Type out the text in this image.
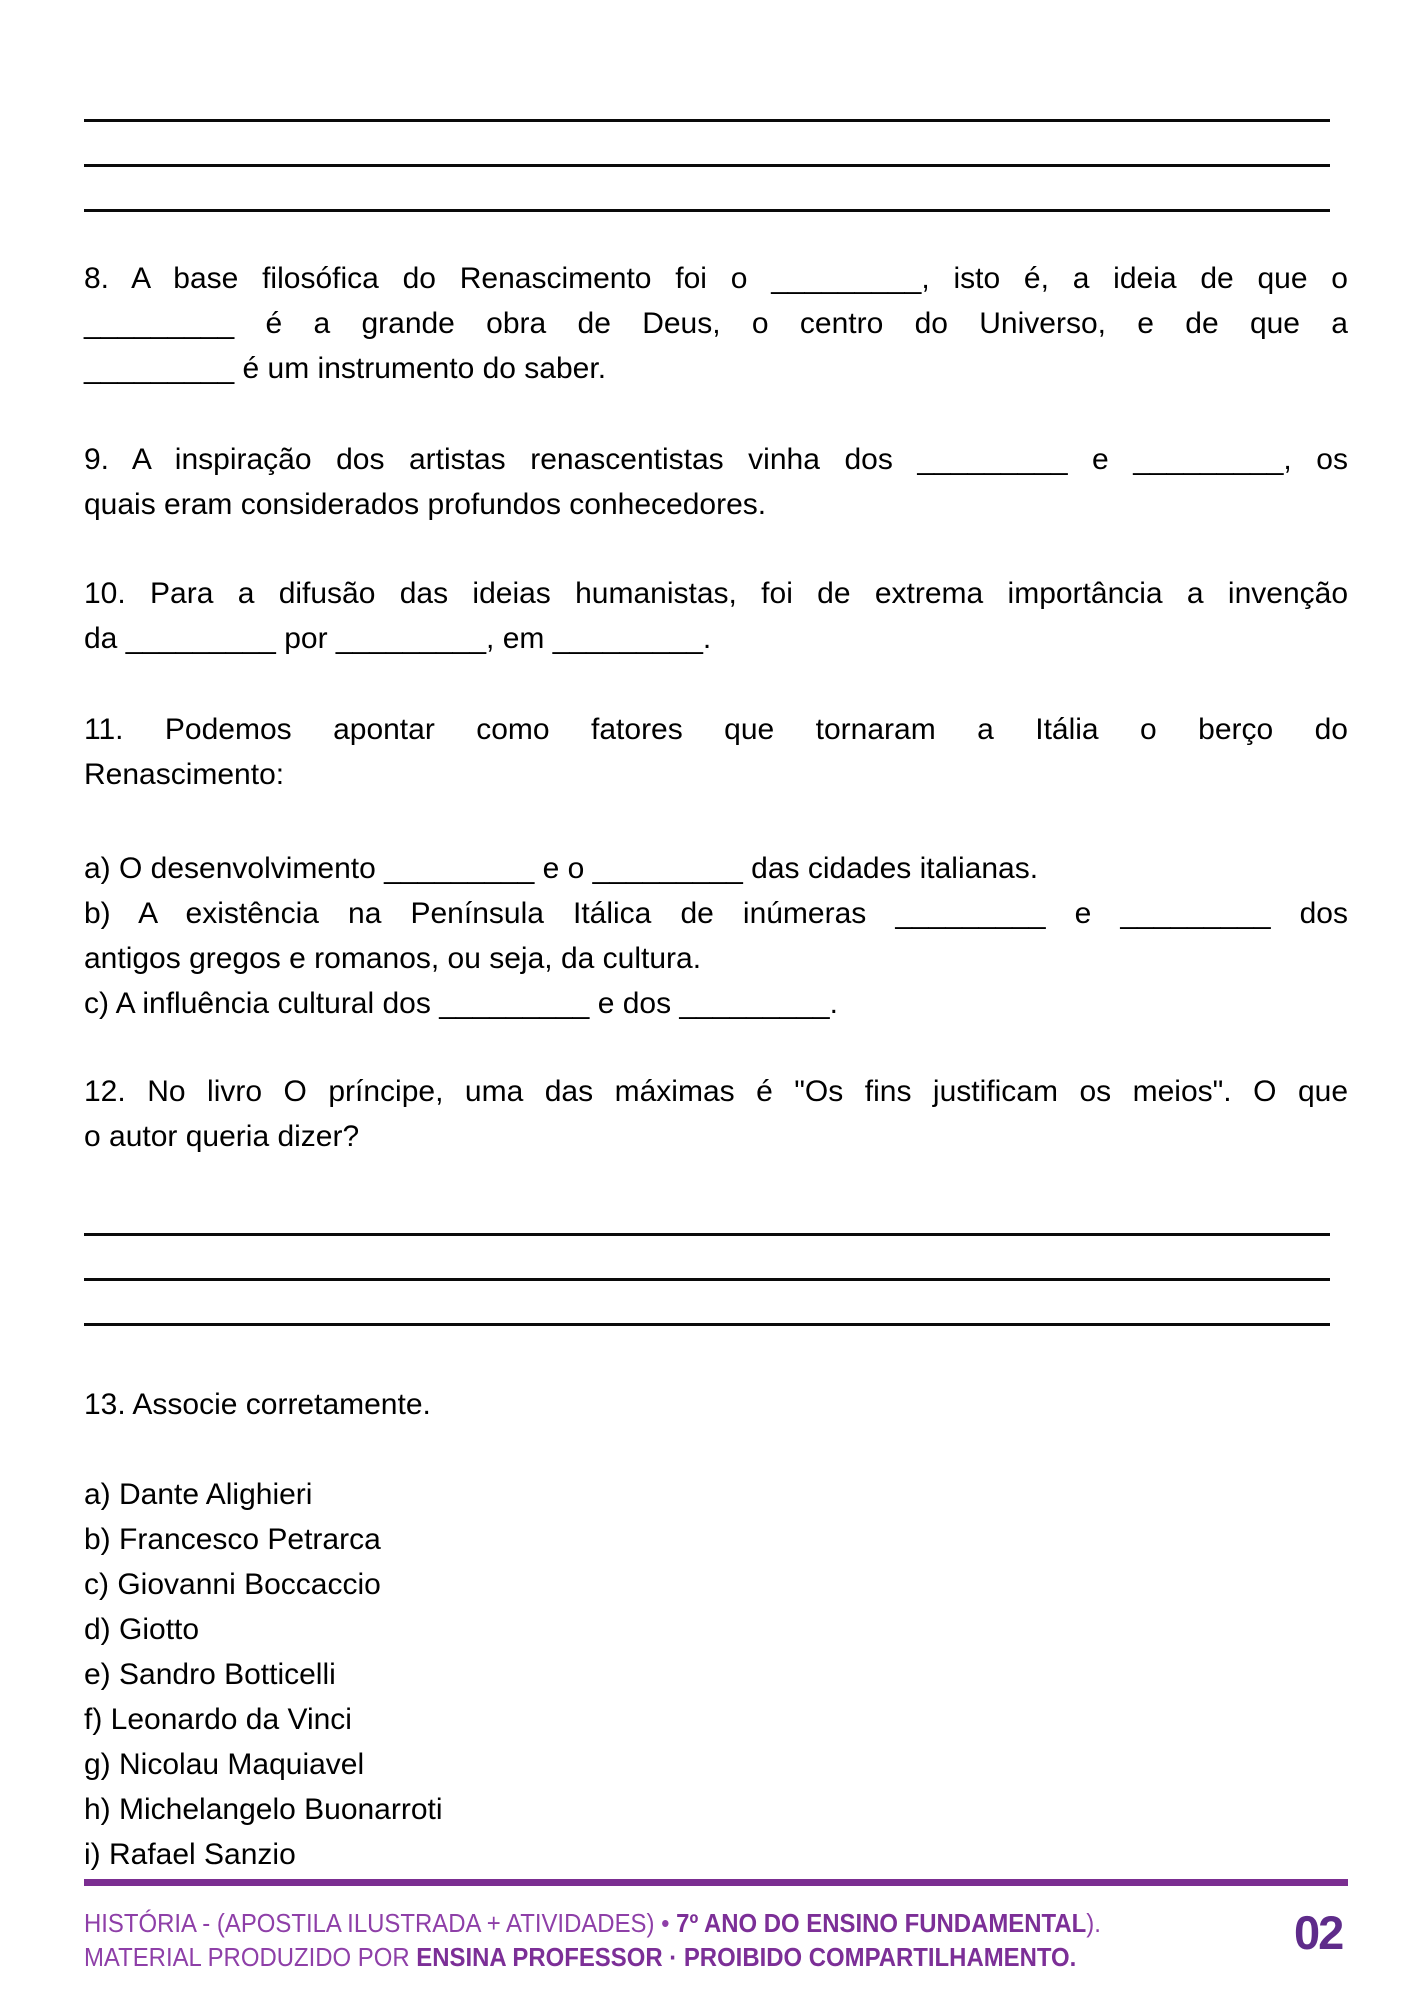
8. A base filosófica do Renascimento foi o _________, isto é, a ideia de que o
_________ é a grande obra de Deus, o centro do Universo, e de que a
_________ é um instrumento do saber.
9. A inspiração dos artistas renascentistas vinha dos _________ e _________, os
quais eram considerados profundos conhecedores.
10. Para a difusão das ideias humanistas, foi de extrema importância a invenção
da _________ por _________, em _________.
11. Podemos apontar como fatores que tornaram a Itália o berço do
Renascimento:
a) O desenvolvimento _________ e o _________ das cidades italianas.
b) A existência na Península Itálica de inúmeras _________ e _________ dos
antigos gregos e romanos, ou seja, da cultura.
c) A influência cultural dos _________ e dos _________.
12. No livro O príncipe, uma das máximas é "Os fins justificam os meios". O que
o autor queria dizer?
13. Associe corretamente.
a) Dante Alighieri
b) Francesco Petrarca
c) Giovanni Boccaccio
d) Giotto
e) Sandro Botticelli
f) Leonardo da Vinci
g) Nicolau Maquiavel
h) Michelangelo Buonarroti
i) Rafael Sanzio
HISTÓRIA - (APOSTILA ILUSTRADA + ATIVIDADES) • 7º ANO DO ENSINO FUNDAMENTAL).
MATERIAL PRODUZIDO POR ENSINA PROFESSOR · PROIBIDO COMPARTILHAMENTO.	02
